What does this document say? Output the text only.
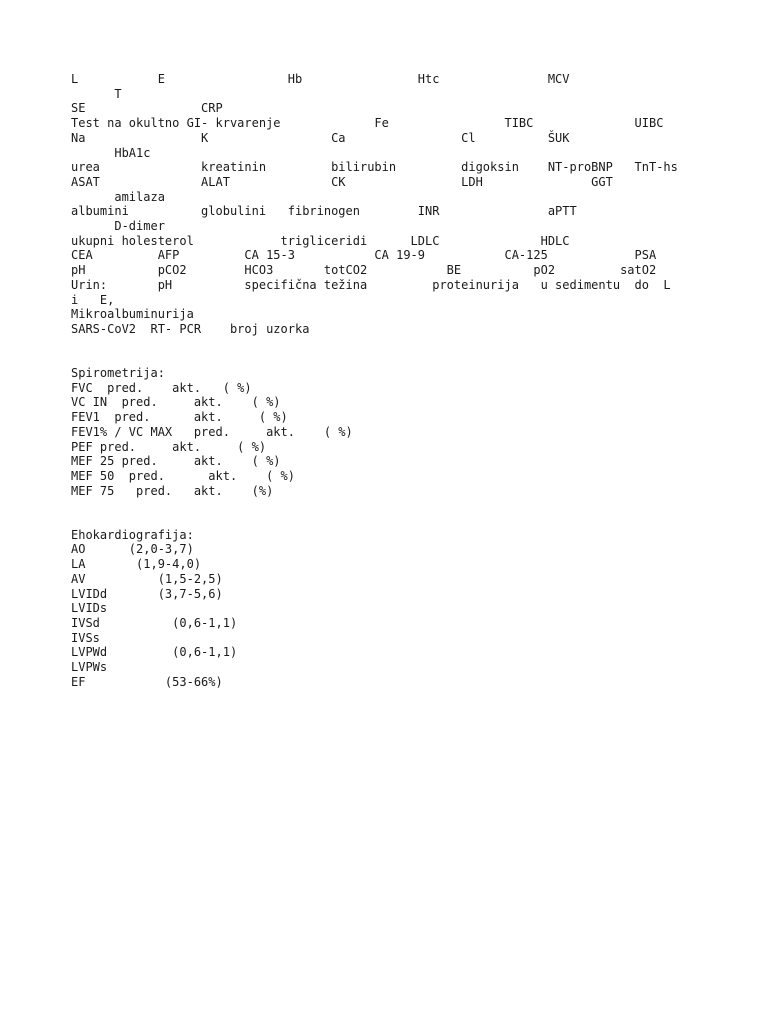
L           E                 Hb                Htc               MCV
T
SE                CRP
Test na okultno GI- krvarenje             Fe                TIBC              UIBC
Na                K                 Ca                Cl          ŠUK
HbA1c
urea              kreatinin         bilirubin         digoksin    NT-proBNP   TnT-hs
ASAT              ALAT              CK                LDH               GGT
amilaza
albumini          globulini   fibrinogen        INR               aPTT
D-dimer
ukupni holesterol            trigliceridi      LDLC              HDLC
CEA         AFP         CA 15-3           CA 19-9           CA-125            PSA
pH          pCO2        HCO3       totCO2           BE          pO2         satO2
Urin:       pH          specifična težina         proteinurija   u sedimentu  do  L
i   E,
Mikroalbuminurija
SARS-CoV2  RT- PCR    broj uzorka
Spirometrija:
FVC  pred.    akt.   ( %)
VC IN  pred.     akt.    ( %)
FEV1  pred.      akt.     ( %)
FEV1% / VC MAX   pred.     akt.    ( %)
PEF pred.     akt.     ( %)
MEF 25 pred.     akt.    ( %)
MEF 50  pred.      akt.    ( %)
MEF 75   pred.   akt.    (%)
Ehokardiografija:
AO      (2,0-3,7)
LA       (1,9-4,0)
AV          (1,5-2,5)
LVIDd       (3,7-5,6)
LVIDs
IVSd          (0,6-1,1)
IVSs
LVPWd         (0,6-1,1)
LVPWs
EF           (53-66%)
